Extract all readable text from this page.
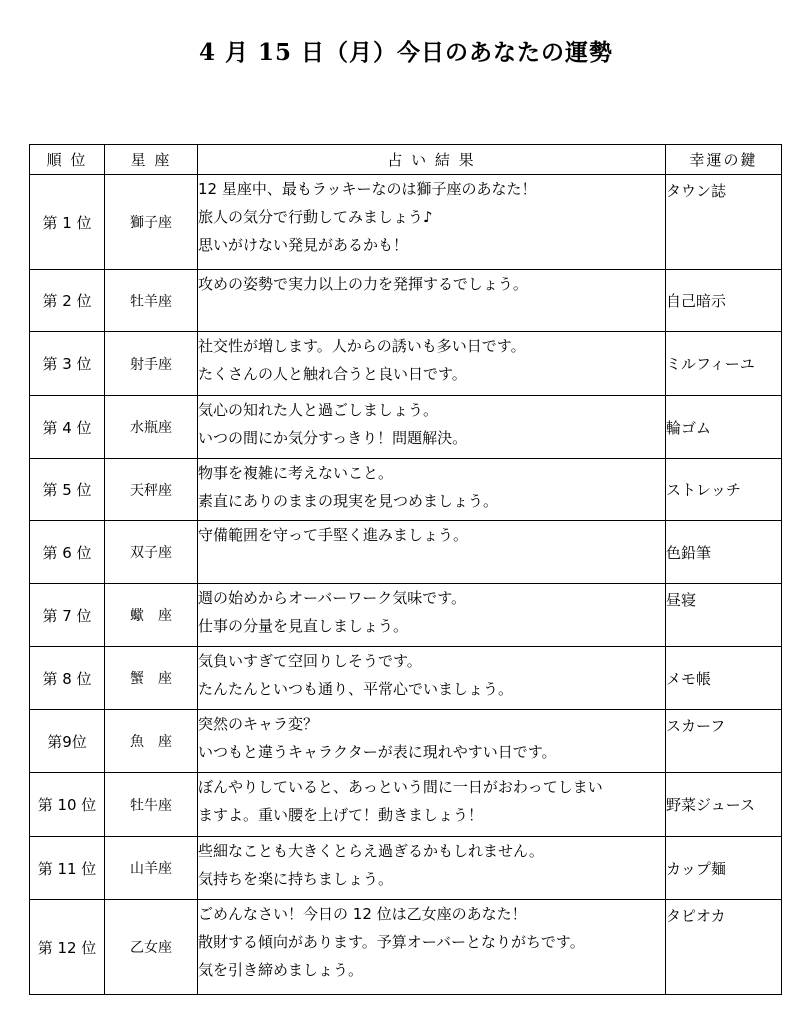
4 月 15 日（月）今日のあなたの運勢
順 位	星 座	占 い 結 果	幸運の鍵
第 1 位	獅子座	12 星座中、最もラッキーなのは獅子座のあなた！
旅人の気分で行動してみましょう♪
思いがけない発見があるかも！	タウン誌
第 2 位	牡羊座	攻めの姿勢で実力以上の力を発揮するでしょう。	自己暗示
第 3 位	射手座	社交性が増します。人からの誘いも多い日です。
たくさんの人と触れ合うと良い日です。	ミルフィーユ
第 4 位	水瓶座	気心の知れた人と過ごしましょう。
いつの間にか気分すっきり！問題解決。	輪ゴム
第 5 位	天秤座	物事を複雑に考えないこと。
素直にありのままの現実を見つめましょう。	ストレッチ
第 6 位	双子座	守備範囲を守って手堅く進みましょう。	色鉛筆
第 7 位	蠍　座	週の始めからオーバーワーク気味です。
仕事の分量を見直しましょう。	昼寝
第 8 位	蟹　座	気負いすぎて空回りしそうです。
たんたんといつも通り、平常心でいましょう。	メモ帳
第9位	魚　座	突然のキャラ変？
いつもと違うキャラクターが表に現れやすい日です。	スカーフ
第 10 位	牡牛座	ぼんやりしていると、あっという間に一日がおわってしまい
ますよ。重い腰を上げて！動きましょう！	野菜ジュース
第 11 位	山羊座	些細なことも大きくとらえ過ぎるかもしれません。
気持ちを楽に持ちましょう。	カップ麺
第 12 位	乙女座	ごめんなさい！今日の 12 位は乙女座のあなた！
散財する傾向があります。予算オーバーとなりがちです。
気を引き締めましょう。	タピオカ
